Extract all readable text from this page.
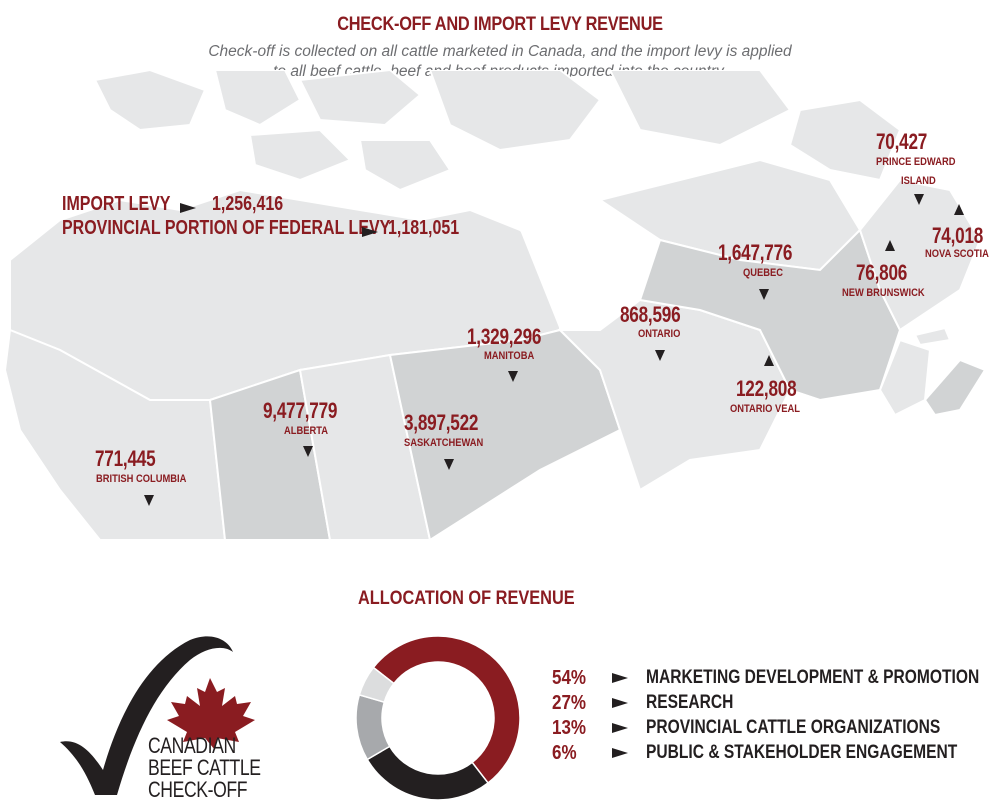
CHECK-OFF AND IMPORT LEVY REVENUE
Check-off is collected on all cattle marketed in Canada, and the import levy is applied
all beef cattle, beef imported
IMPORT LEVY 1,256,416
PROVINCIAL PORTION OF FEDERAL LEVY
1,181,051
771,445
BRITISH COLUMBIA
9,477,779
ALBERTA	3,897,522
SASKATCHEWAN
1,329,296
MANITOBA
868,596
ONTARIO
122,808
ONTARIO VEAL
1,647,776
QUEBEC	76,806
NEW BRUNSWICK
70,427
PRINCE EDWARD
ISLAND
74,018
NOVA SCOTIA
CANADIAN
BEEF CATTLE
CHECK-OFF
ALLOCATION OF REVENUE
54%	MARKETING DEVELOPMENT & PROMOTION
27%	RESEARCH
13%	PROVINCIAL CATTLE ORGANIZATIONS
6%	PUBLIC & STAKEHOLDER ENGAGEMENT
